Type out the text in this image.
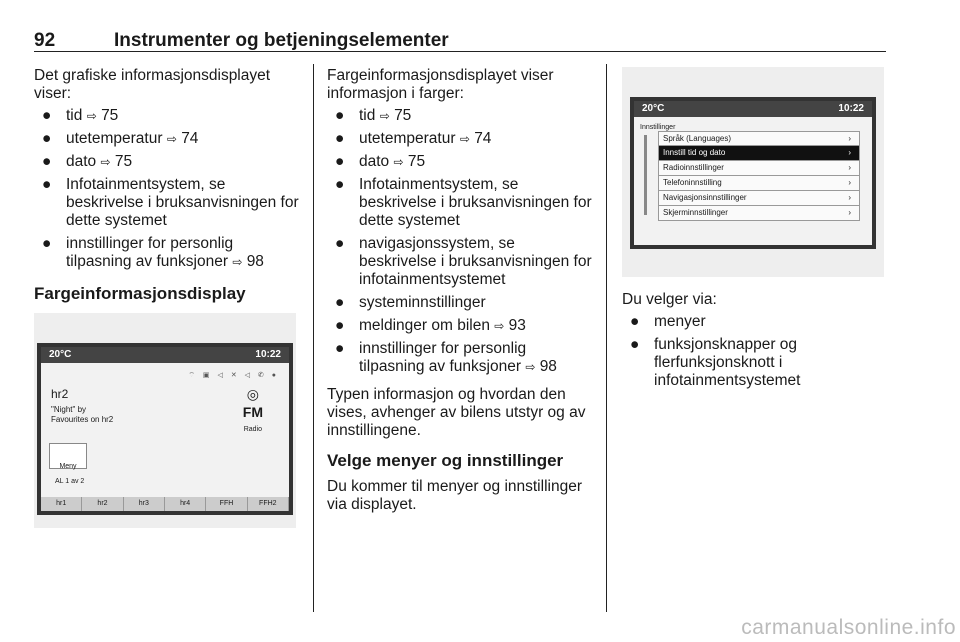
92	Instrumenter og betjeningselementer

Det grafiske informasjonsdisplayet viser:

● tid ⇨ 75
● utetemperatur ⇨ 74
● dato ⇨ 75
● Infotainmentsystem, se beskrivelse i bruksanvisningen for dette systemet
● innstillinger for personlig tilpasning av funksjoner ⇨ 98
Fargeinformasjonsdisplay
20°C	10:22
⌔ ▣ ◁ ✕ ◁ ✆ ●
hr2
"Night" by
Favourites on hr2
◎
FM
Radio
Meny
AL 1 av 2
hr1	hr2	hr3	hr4	FFH	FFH2

Fargeinformasjonsdisplayet viser informasjon i farger:

● tid ⇨ 75
● utetemperatur ⇨ 74
● dato ⇨ 75
● Infotainmentsystem, se beskrivelse i bruksanvisningen for dette systemet
● navigasjonssystem, se beskrivelse i bruksanvisningen for infotainmentsystemet
● systeminnstillinger
● meldinger om bilen ⇨ 93
● innstillinger for personlig tilpasning av funksjoner ⇨ 98

Typen informasjon og hvordan den vises, avhenger av bilens utstyr og av innstillingene.

Velge menyer og innstillinger

Du kommer til menyer og innstillinger via displayet.

20°C	10:22
Innstillinger
Språk (Languages)	›
Innstill tid og dato	›
Radioinnstillinger	›
Telefoninnstilling	›
Navigasjonsinnstillinger	›
Skjerminnstillinger	›

Du velger via:

● menyer
● funksjonsknapper og flerfunksjonsknott i infotainmentsystemet
carmanualsonline.info
